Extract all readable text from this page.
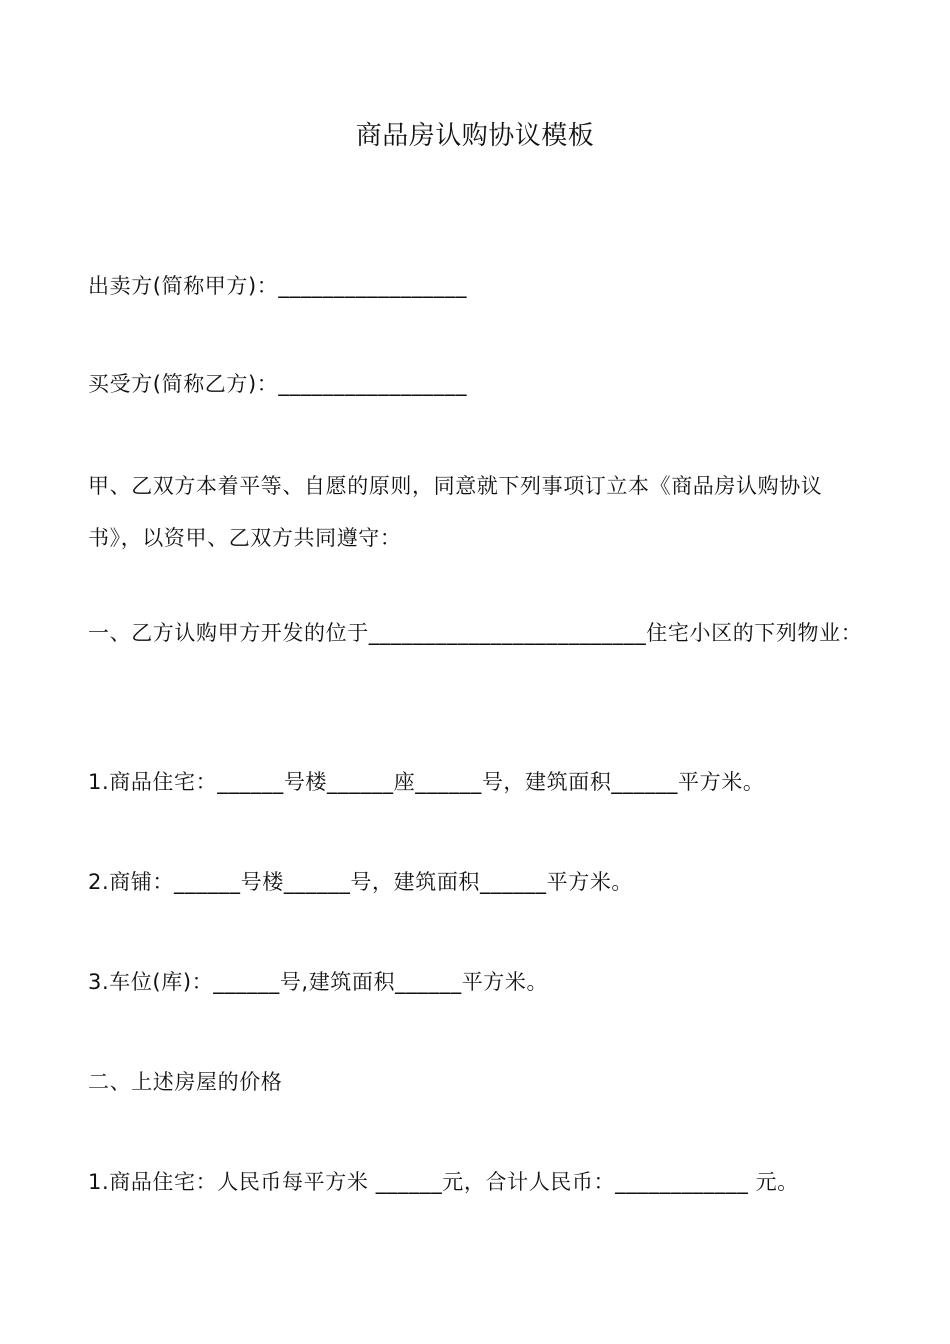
商品房认购协议模板
出卖方(简称甲方)：_________________
买受方(简称乙方)：_________________
甲、乙双方本着平等、自愿的原则，同意就下列事项订立本《商品房认购协议书》，以资甲、乙双方共同遵守：
一、乙方认购甲方开发的位于_________________________住宅小区的下列物业：
1.商品住宅：______号楼______座______号，建筑面积______平方米。
2.商铺：______号楼______号，建筑面积______平方米。
3.车位(库)：______号,建筑面积______平方米。
二、上述房屋的价格
1.商品住宅：人民币每平方米 ______元，合计人民币：____________ 元。
